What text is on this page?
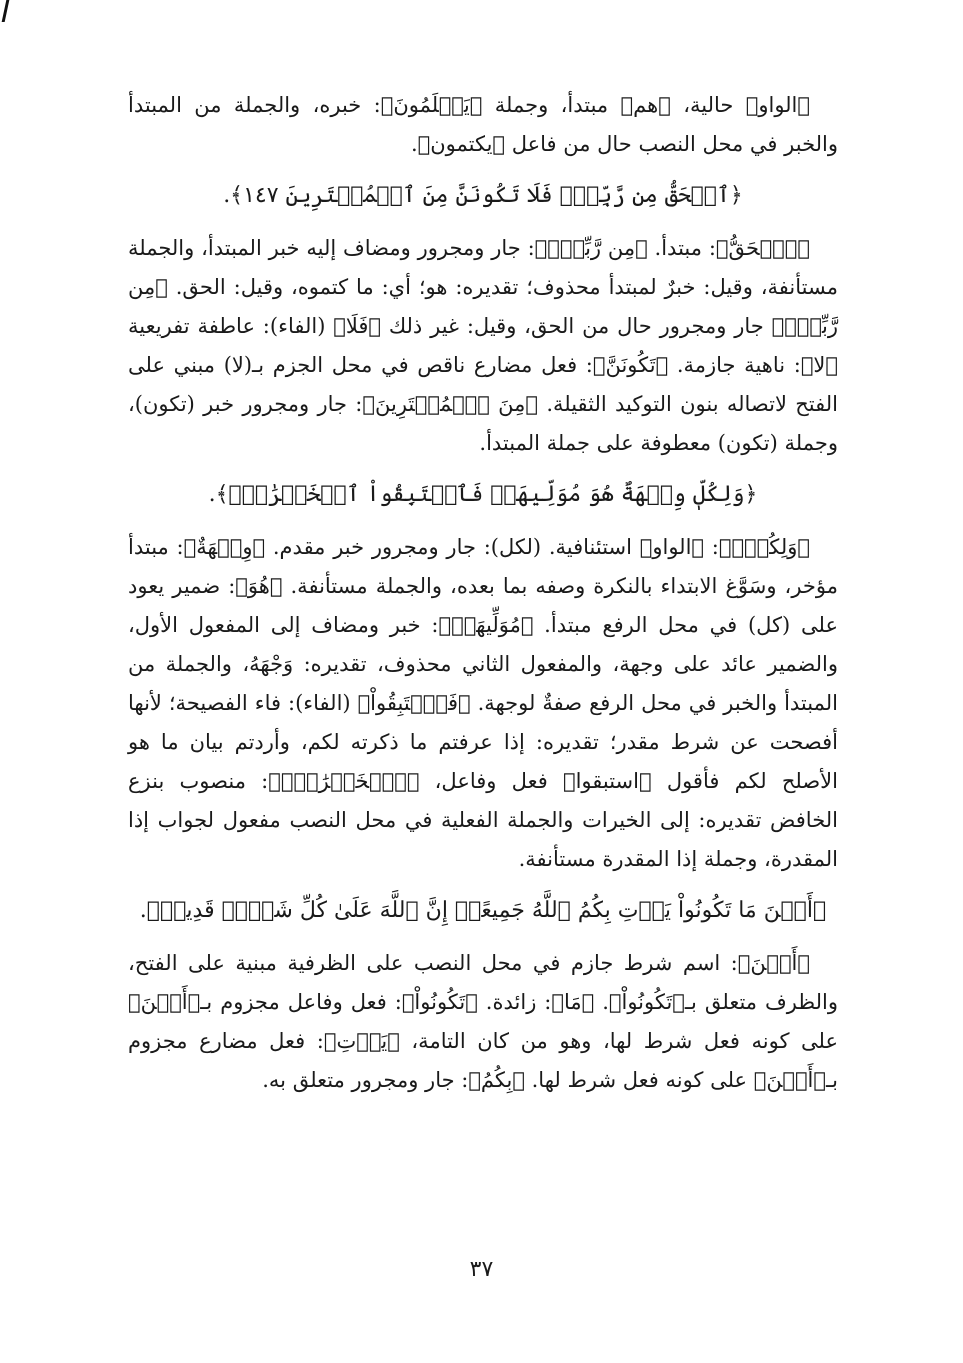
﴿الواو﴾ حالية، ﴿هم﴾ مبتدأ، وجملة ﴿يَعۡلَمُونَ﴾: خبره، والجملة من المبتدأ والخبر في محل النصب حال من فاعل ﴿يكتمون﴾.

﴿ٱلۡحَقُّ مِن رَّبِّكَۖ فَلَا تَكُونَنَّ مِنَ ٱلۡمُمۡتَرِينَ ١٤٧﴾.

﴿ٱلۡحَقُّ﴾: مبتدأ. ﴿مِن رَّبِّكَۖ﴾: جار ومجرور ومضاف إليه خبر المبتدأ، والجملة مستأنفة، وقيل: خبرٌ لمبتدأ محذوف؛ تقديره: هو؛ أي: ما كتموه، وقيل: الحق. ﴿مِن رَّبِّكَۖ﴾ جار ومجرور حال من الحق، وقيل: غير ذلك ﴿فَلَا﴾ (الفاء): عاطفة تفريعية ﴿لا﴾: ناهية جازمة. ﴿تَكُونَنَّ﴾: فعل مضارع ناقص في محل الجزم بـ(لا) مبني على الفتح لاتصاله بنون التوكيد الثقيلة. ﴿مِنَ ٱلۡمُمۡتَرِينَ﴾: جار ومجرور خبر (تكون)، وجملة (تكون) معطوفة على جملة المبتدأ.

﴿وَلِكُلّٖ وِجۡهَةٌ هُوَ مُوَلِّيهَاۖ فَٱسۡتَبِقُواْ ٱلۡخَيۡرَٰتِۚ﴾.

﴿وَلِكُلّٖ﴾: ﴿الواو﴾ استئنافية. (لكل): جار ومجرور خبر مقدم. ﴿وِجۡهَةٌ﴾: مبتدأ مؤخر، وسَوَّغ الابتداء بالنكرة وصفه بما بعده، والجملة مستأنفة. ﴿هُوَ﴾: ضمير يعود على (كل) في محل الرفع مبتدأ. ﴿مُوَلِّيهَاۖ﴾: خبر ومضاف إلى المفعول الأول، والضمير عائد على وجهة، والمفعول الثاني محذوف، تقديره: وَجْهَهُ، والجملة من المبتدأ والخبر في محل الرفع صفةٌ لوجهة. ﴿فَٱسۡتَبِقُواْ﴾ (الفاء): فاء الفصيحة؛ لأنها أفصحت عن شرط مقدر؛ تقديره: إذا عرفتم ما ذكرته لكم، وأردتم بيان ما هو الأصلح لكم فأقول ﴿استبقوا﴾ فعل وفاعل، ﴿ٱلۡخَيۡرَٰتِۚ﴾: منصوب بنزع الخافض تقديره: إلى الخيرات والجملة الفعلية في محل النصب مفعول لجواب إذا المقدرة، وجملة إذا المقدرة مستأنفة.

﴿أَيۡنَ مَا تَكُونُواْ يَأۡتِ بِكُمُ ٱللَّهُ جَمِيعًاۚ إِنَّ ٱللَّهَ عَلَىٰ كُلِّ شَيۡءٖ قَدِيرٞ﴾.

﴿أَيۡنَ﴾: اسم شرط جازم في محل النصب على الظرفية مبنية على الفتح، والظرف متعلق بـ﴿تَكُونُواْ﴾. ﴿مَا﴾: زائدة. ﴿تَكُونُواْ﴾: فعل وفاعل مجزوم بـ﴿أَيۡنَ﴾ على كونه فعل شرط لها، وهو من كان التامة، ﴿يَأۡتِ﴾: فعل مضارع مجزوم بـ﴿أَيۡنَ﴾ على كونه فعل شرط لها. ﴿بِكُمُ﴾: جار ومجرور متعلق به.

٣٧
